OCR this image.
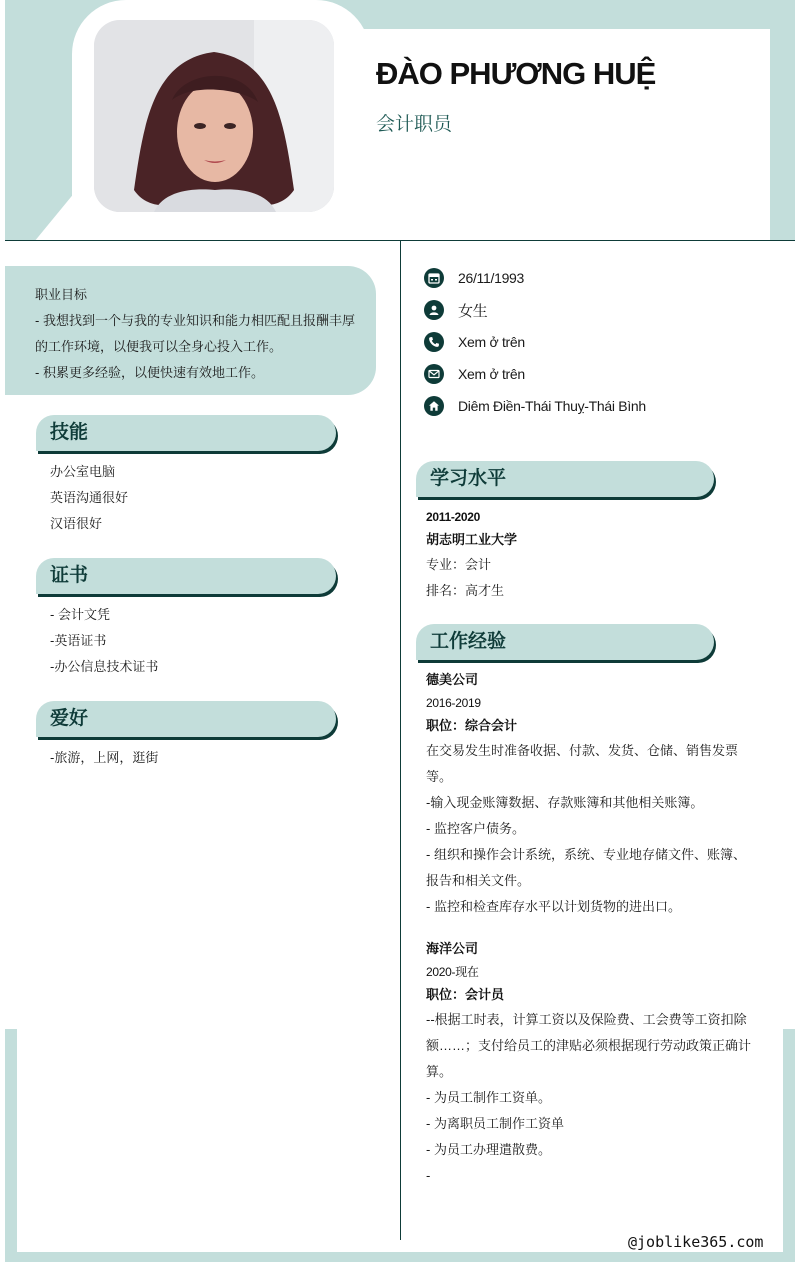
ĐÀO PHƯƠNG HUỆ
会计职员

职业目标

- 我想找到一个与我的专业知识和能力相匹配且报酬丰厚

的工作环境，以便我可以全身心投入工作。

- 积累更多经验，以便快速有效地工作。

技能
办公室电脑
英语沟通很好
汉语很好
证书
- 会计文凭
-英语证书
-办公信息技术证书
爱好
-旅游，上网，逛街
26/11/1993
女生
Xem ở trên
Xem ở trên
Diêm Điền-Thái Thuỵ-Thái Bình
学习水平
2011-2020
胡志明工业大学
专业：会计
排名：高才生
工作经验
德美公司
2016-2019
职位：综合会计
在交易发生时准备收据、付款、发货、仓储、销售发票
等。
-输入现金账簿数据、存款账簿和其他相关账簿。
- 监控客户债务。
- 组织和操作会计系统，系统、专业地存储文件、账簿、
报告和相关文件。
- 监控和检查库存水平以计划货物的进出口。
海洋公司
2020-现在
职位：会计员
--根据工时表，计算工资以及保险费、工会费等工资扣除
额……；支付给员工的津贴必须根据现行劳动政策正确计
算。
- 为员工制作工资单。
- 为离职员工制作工资单
- 为员工办理遣散费。
-
@joblike365.com
